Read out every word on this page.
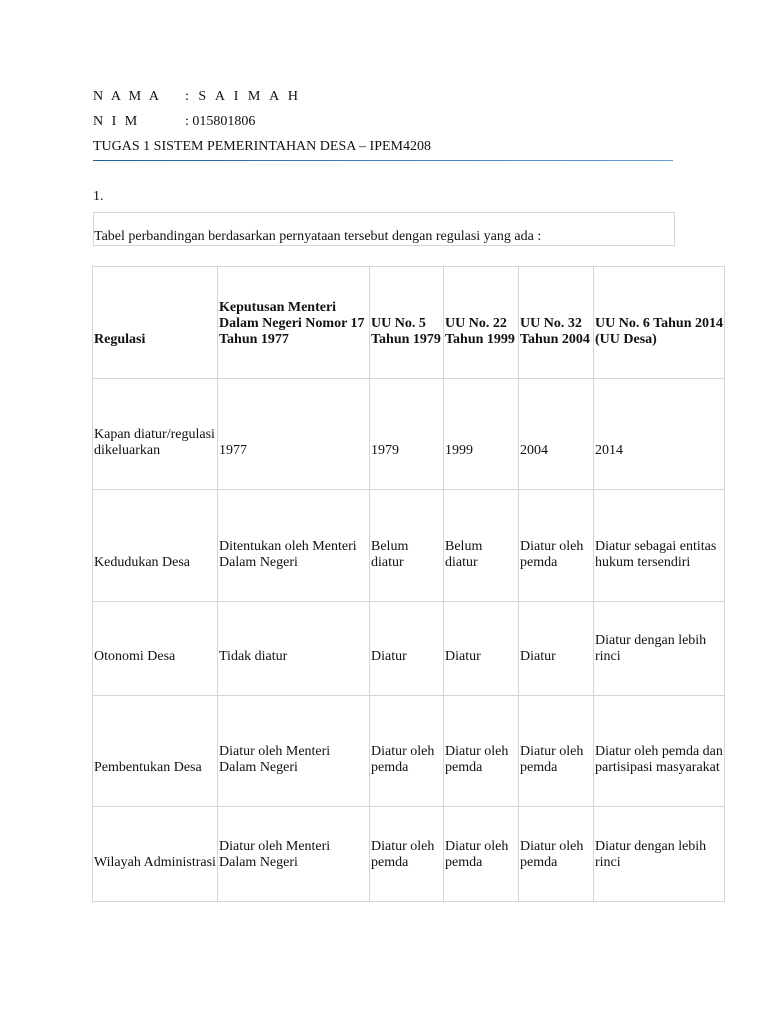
N A M A : S A I M A H
N I M	: 015801806
TUGAS 1 SISTEM PEMERINTAHAN DESA – IPEM4208
1.
Tabel perbandingan berdasarkan pernyataan tersebut dengan regulasi yang ada :
Regulasi	Keputusan Menteri Dalam Negeri Nomor 17 Tahun 1977	UU No. 5 Tahun 1979	UU No. 22 Tahun 1999	UU No. 32 Tahun 2004	UU No. 6 Tahun 2014 (UU Desa)

Kapan diatur/regulasi dikeluarkan	1977	1979	1999	2004	2014

Kedudukan Desa	Ditentukan oleh Menteri Dalam Negeri	Belum diatur	Belum diatur	Diatur oleh pemda	Diatur sebagai entitas hukum tersendiri

Otonomi Desa	Tidak diatur	Diatur	Diatur	Diatur	Diatur dengan lebih rinci

Pembentukan Desa	Diatur oleh Menteri Dalam Negeri	Diatur oleh pemda	Diatur oleh pemda	Diatur oleh pemda	Diatur oleh pemda dan partisipasi masyarakat

Wilayah Administrasi	Diatur oleh Menteri Dalam Negeri	Diatur oleh pemda	Diatur oleh pemda	Diatur oleh pemda	Diatur dengan lebih rinci
